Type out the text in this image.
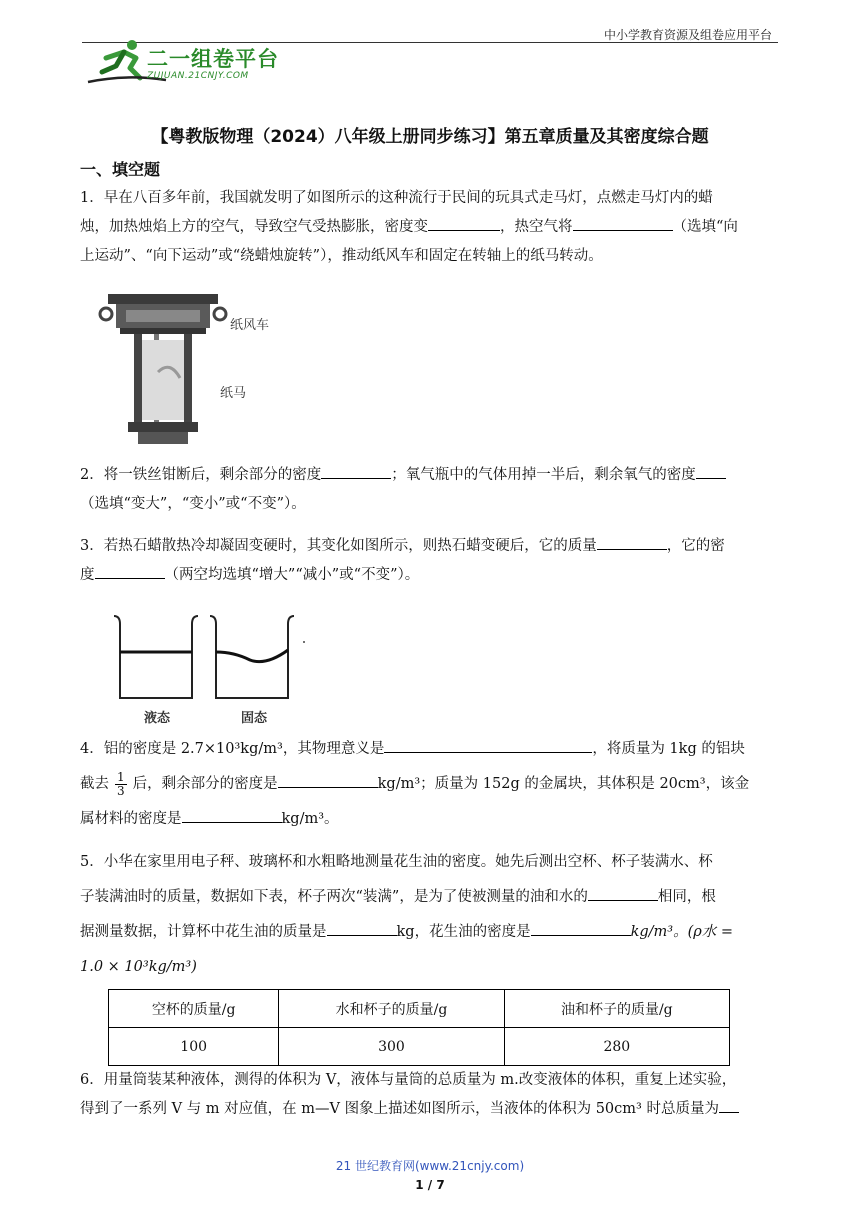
中小学教育资源及组卷应用平台
二一组卷平台
ZUJUAN.21CNJY.COM
【粤教版物理（2024）八年级上册同步练习】第五章质量及其密度综合题
一、填空题
1．早在八百多年前，我国就发明了如图所示的这种流行于民间的玩具式走马灯，点燃走马灯内的蜡
烛，加热烛焰上方的空气，导致空气受热膨胀，密度变	，热空气将	（选填“向
上运动”、“向下运动”或“绕蜡烛旋转”），推动纸风车和固定在转轴上的纸马转动。
纸风车
纸马
2．将一铁丝钳断后，剩余部分的密度	；氧气瓶中的气体用掉一半后，剩余氧气的密度
（选填“变大”，“变小”或“不变”）。
3．若热石蜡散热冷却凝固变硬时，其变化如图所示，则热石蜡变硬后，它的质量	，它的密
度	（两空均选填“增大”“减小”或“不变”）。
液态	固态
4．铝的密度是 2.7×10³kg/m³，其物理意义是	，将质量为 1kg 的铝块
截去 $\frac{1}{3}$ 后，剩余部分的密度是	kg/m³；质量为 152g 的金属块，其体积是 20cm³，该金
属材料的密度是	kg/m³。
5．小华在家里用电子秤、玻璃杯和水粗略地测量花生油的密度。她先后测出空杯、杯子装满水、杯
子装满油时的质量，数据如下表，杯子两次“装满”，是为了使被测量的油和水的	相同，根
据测量数据，计算杯中花生油的质量是	kg，花生油的密度是	kg/m³。(ρ水 =
1.0 × 10³kg/m³)
空杯的质量/g	水和杯子的质量/g	油和杯子的质量/g
100	300	280
6．用量筒装某种液体，测得的体积为 V，液体与量筒的总质量为 m.改变液体的体积，重复上述实验，
得到了一系列 V 与 m 对应值，在 m—V 图象上描述如图所示，当液体的体积为 50cm³ 时总质量为
21 世纪教育网(www.21cnjy.com)
1 / 7
